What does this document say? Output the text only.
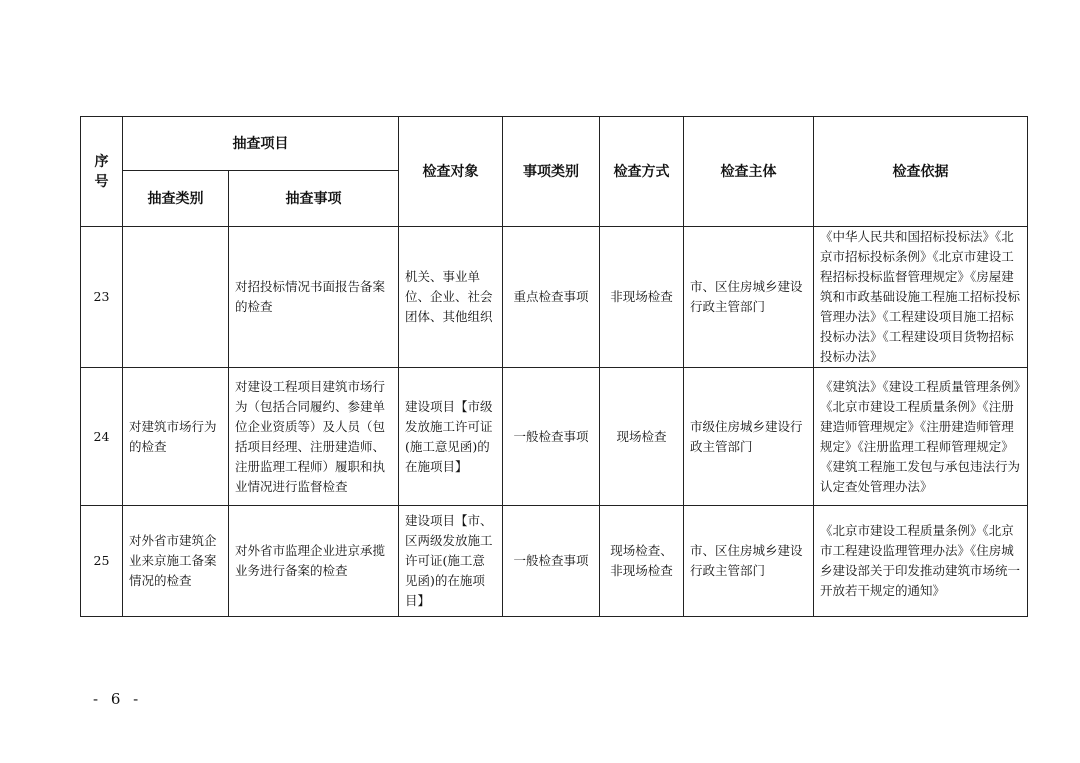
序号	抽查项目		检查对象	事项类别	检查方式	检查主体	检查依据
	抽查类别	抽查事项					
23		对招投标情况书面报告备案的检查	机关、事业单位、企业、社会团体、其他组织	重点检查事项	非现场检查	市、区住房城乡建设行政主管部门	《中华人民共和国招标投标法》《北京市招标投标条例》《北京市建设工程招标投标监督管理规定》《房屋建筑和市政基础设施工程施工招标投标管理办法》《工程建设项目施工招标投标办法》《工程建设项目货物招标投标办法》
24	对建筑市场行为的检查	对建设工程项目建筑市场行为（包括合同履约、参建单位企业资质等）及人员（包括项目经理、注册建造师、注册监理工程师）履职和执业情况进行监督检查	建设项目【市级发放施工许可证(施工意见函)的在施项目】	一般检查事项	现场检查	市级住房城乡建设行政主管部门	《建筑法》《建设工程质量管理条例》《北京市建设工程质量条例》《注册建造师管理规定》《注册建造师管理规定》《注册监理工程师管理规定》《建筑工程施工发包与承包违法行为认定查处管理办法》
25	对外省市建筑企业来京施工备案情况的检查	对外省市监理企业进京承揽业务进行备案的检查	建设项目【市、区两级发放施工许可证(施工意见函)的在施项目】	一般检查事项	现场检查、非现场检查	市、区住房城乡建设行政主管部门	《北京市建设工程质量条例》《北京市工程建设监理管理办法》《住房城乡建设部关于印发推动建筑市场统一开放若干规定的通知》
- 6 -
